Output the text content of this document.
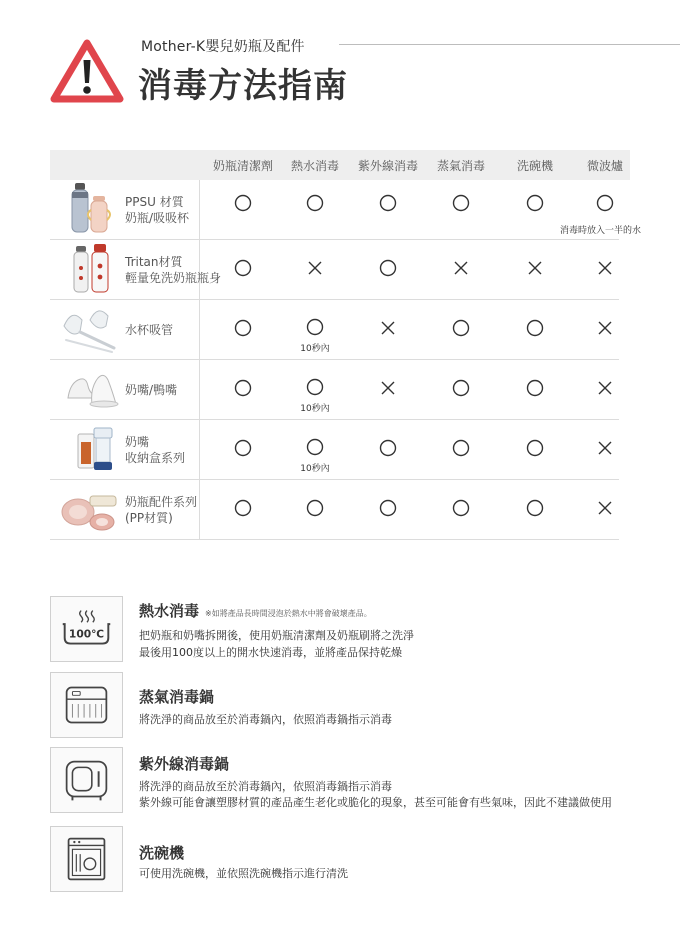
Mother-K嬰兒奶瓶及配件
消毒方法指南
奶瓶清潔劑 熱水消毒 紫外線消毒 蒸氣消毒	洗碗機	微波爐
PPSU 材質
奶瓶/吸吸杯
Tritan材質
輕量免洗奶瓶瓶身
水杯吸管
奶嘴/鴨嘴
奶嘴
收納盒系列
奶瓶配件系列
(PP材質)
消毒時放入一半的水
10秒內
10秒內
10秒內
100℃
熱水消毒 ※如將產品長時間浸泡於熱水中將會破壞產品。
把奶瓶和奶嘴拆開後，使用奶瓶清潔劑及奶瓶刷將之洗淨
最後用100度以上的開水快速消毒，並將產品保持乾燥
蒸氣消毒鍋
將洗淨的商品放至於消毒鍋內，依照消毒鍋指示消毒
紫外線消毒鍋
將洗淨的商品放至於消毒鍋內，依照消毒鍋指示消毒
紫外線可能會讓塑膠材質的產品產生老化或脆化的現象，甚至可能會有些氣味，因此不建議做使用
洗碗機
可使用洗碗機，並依照洗碗機指示進行清洗
